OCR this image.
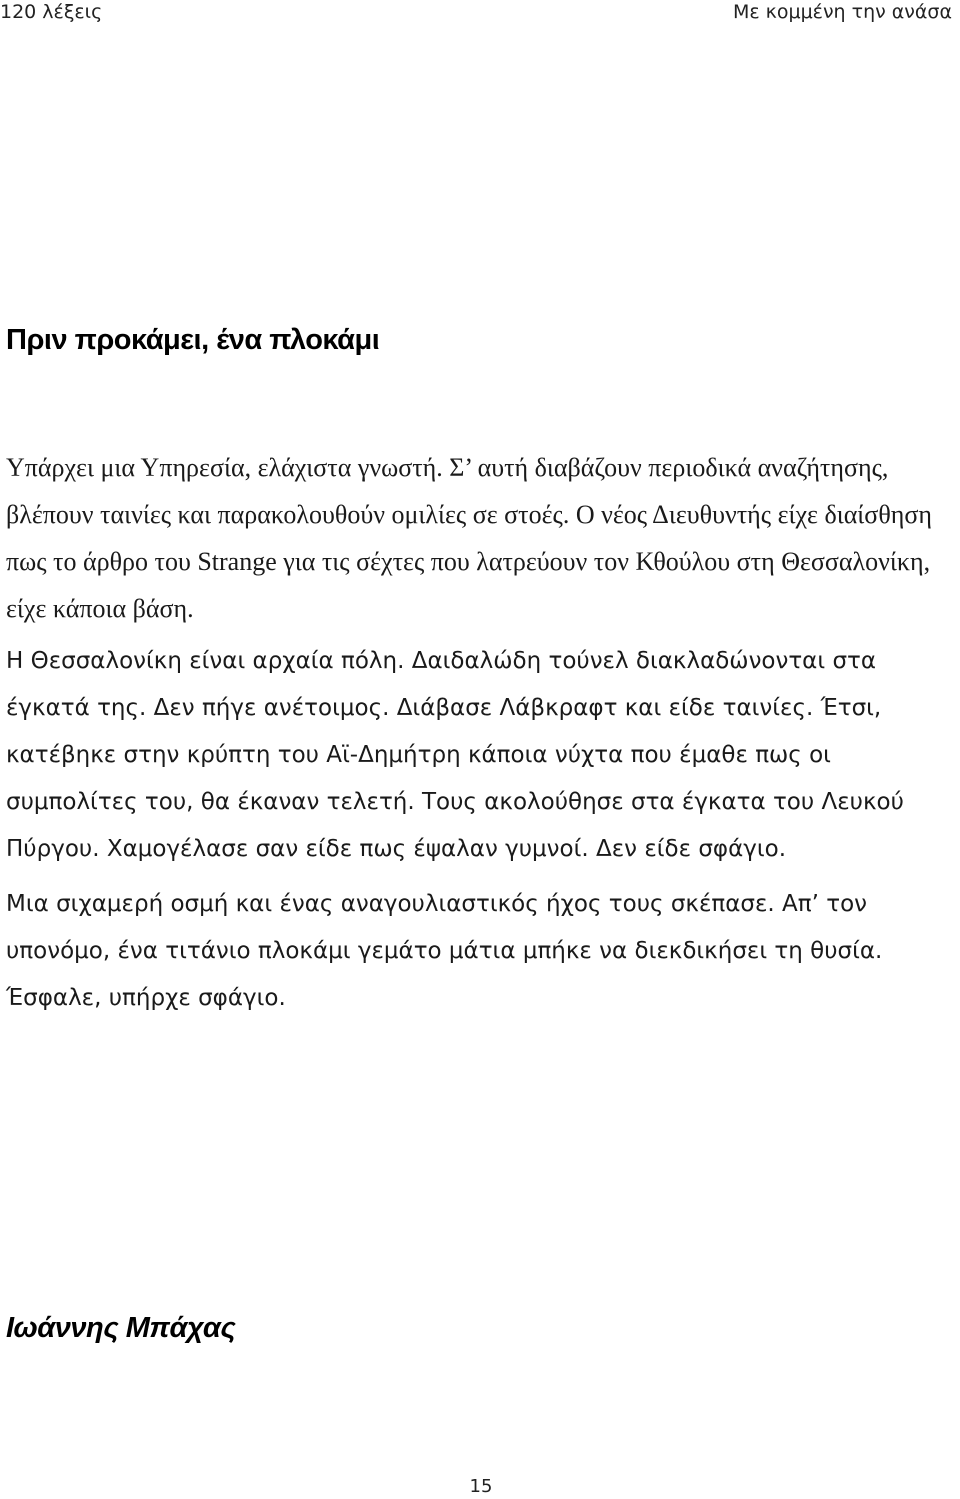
120 λέξεις	Με κομμένη την ανάσα
Πριν προκάμει, ένα πλοκάμι

Υπάρχει μια Υπηρεσία, ελάχιστα γνωστή. Σ’ αυτή διαβάζουν περιοδικά αναζήτησης, βλέπουν ταινίες και παρακολουθούν ομιλίες σε στοές. Ο νέος Διευθυντής είχε διαίσθηση πως το άρθρο του Strange για τις σέχτες που λατρεύουν τον Κθούλου στη Θεσσαλονίκη, είχε κάποια βάση.

Η Θεσσαλονίκη είναι αρχαία πόλη. Δαιδαλώδη τούνελ διακλαδώνονται στα έγκατά της. Δεν πήγε ανέτοιμος. Διάβασε Λάβκραφτ και είδε ταινίες. Έτσι, κατέβηκε στην κρύπτη του Αϊ-Δημήτρη κάποια νύχτα που έμαθε πως οι συμπολίτες του, θα έκαναν τελετή. Τους ακολούθησε στα έγκατα του Λευκού Πύργου. Χαμογέλασε σαν είδε πως έψαλαν γυμνοί. Δεν είδε σφάγιο.

Μια σιχαμερή οσμή και ένας αναγουλιαστικός ήχος τους σκέπασε. Απ’ τον υπονόμο, ένα τιτάνιο πλοκάμι γεμάτο μάτια μπήκε να διεκδικήσει τη θυσία. Έσφαλε, υπήρχε σφάγιο.

Ιωάννης Μπάχας
15
